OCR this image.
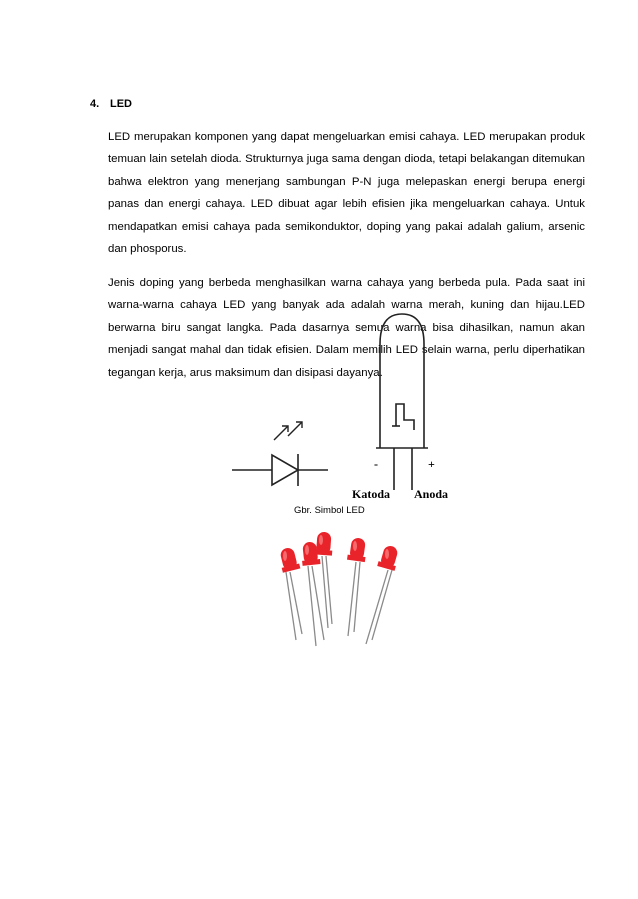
4. LED

LED merupakan komponen yang dapat mengeluarkan emisi cahaya. LED merupakan produk temuan lain setelah dioda. Strukturnya juga sama dengan dioda, tetapi belakangan ditemukan bahwa elektron yang menerjang sambungan P-N juga melepaskan energi berupa energi panas dan energi cahaya. LED dibuat agar lebih efisien jika mengeluarkan cahaya. Untuk mendapatkan emisi cahaya pada semikonduktor, doping yang pakai adalah galium, arsenic dan phosporus.

Jenis doping yang berbeda menghasilkan warna cahaya yang berbeda pula. Pada saat ini warna-warna cahaya LED yang banyak ada adalah warna merah, kuning dan hijau.LED berwarna biru sangat langka. Pada dasarnya semua warna bisa dihasilkan, namun akan menjadi sangat mahal dan tidak efisien. Dalam memilih LED selain warna, perlu diperhatikan tegangan kerja, arus maksimum dan disipasi dayanya.

-	+
Katoda Anoda
Gbr. Simbol LED
